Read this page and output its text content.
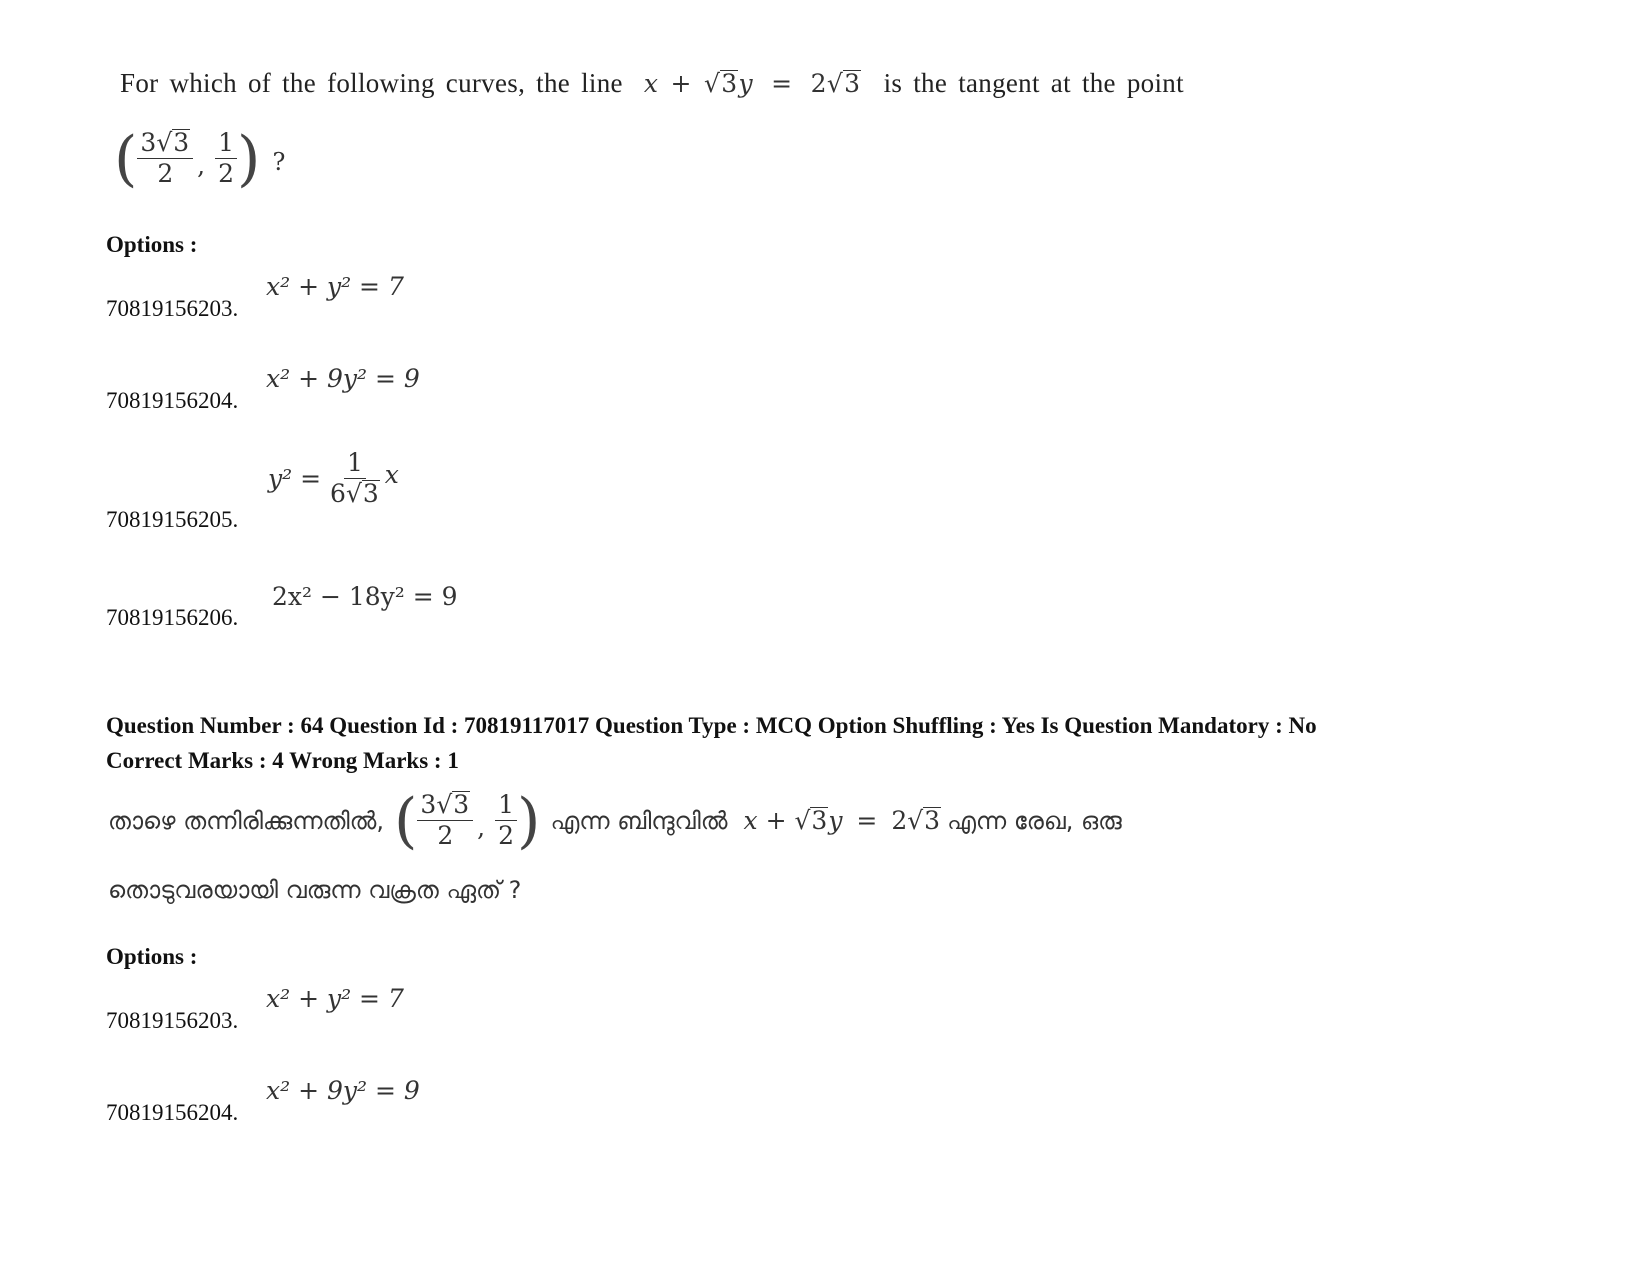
For which of the following curves, the line x + √3y = 2√3 is the tangent at the point
( $\frac{3√3}{2}$ , $\frac{1}{2}$ ) ?
Options :
70819156203.
x² + y² = 7
70819156204.
x² + 9y² = 9
70819156205.
$y^2 = \frac{1}{6√3}$ x
70819156206.
2x² − 18y² = 9
Question Number : 64 Question Id : 70819117017 Question Type : MCQ Option Shuffling : Yes Is Question Mandatory : No
Correct Marks : 4 Wrong Marks : 1
താഴെ തന്നിരിക്കുന്നതിൽ, ( $\frac{3√3}{2}$ , $\frac{1}{2}$ ) എന്ന ബിന്ദുവിൽ x + √3y = 2√3 എന്ന രേഖ, ഒരു
തൊടുവരയായി വരുന്ന വക്രത ഏത് ?
Options :
70819156203.
x² + y² = 7
70819156204.
x² + 9y² = 9
